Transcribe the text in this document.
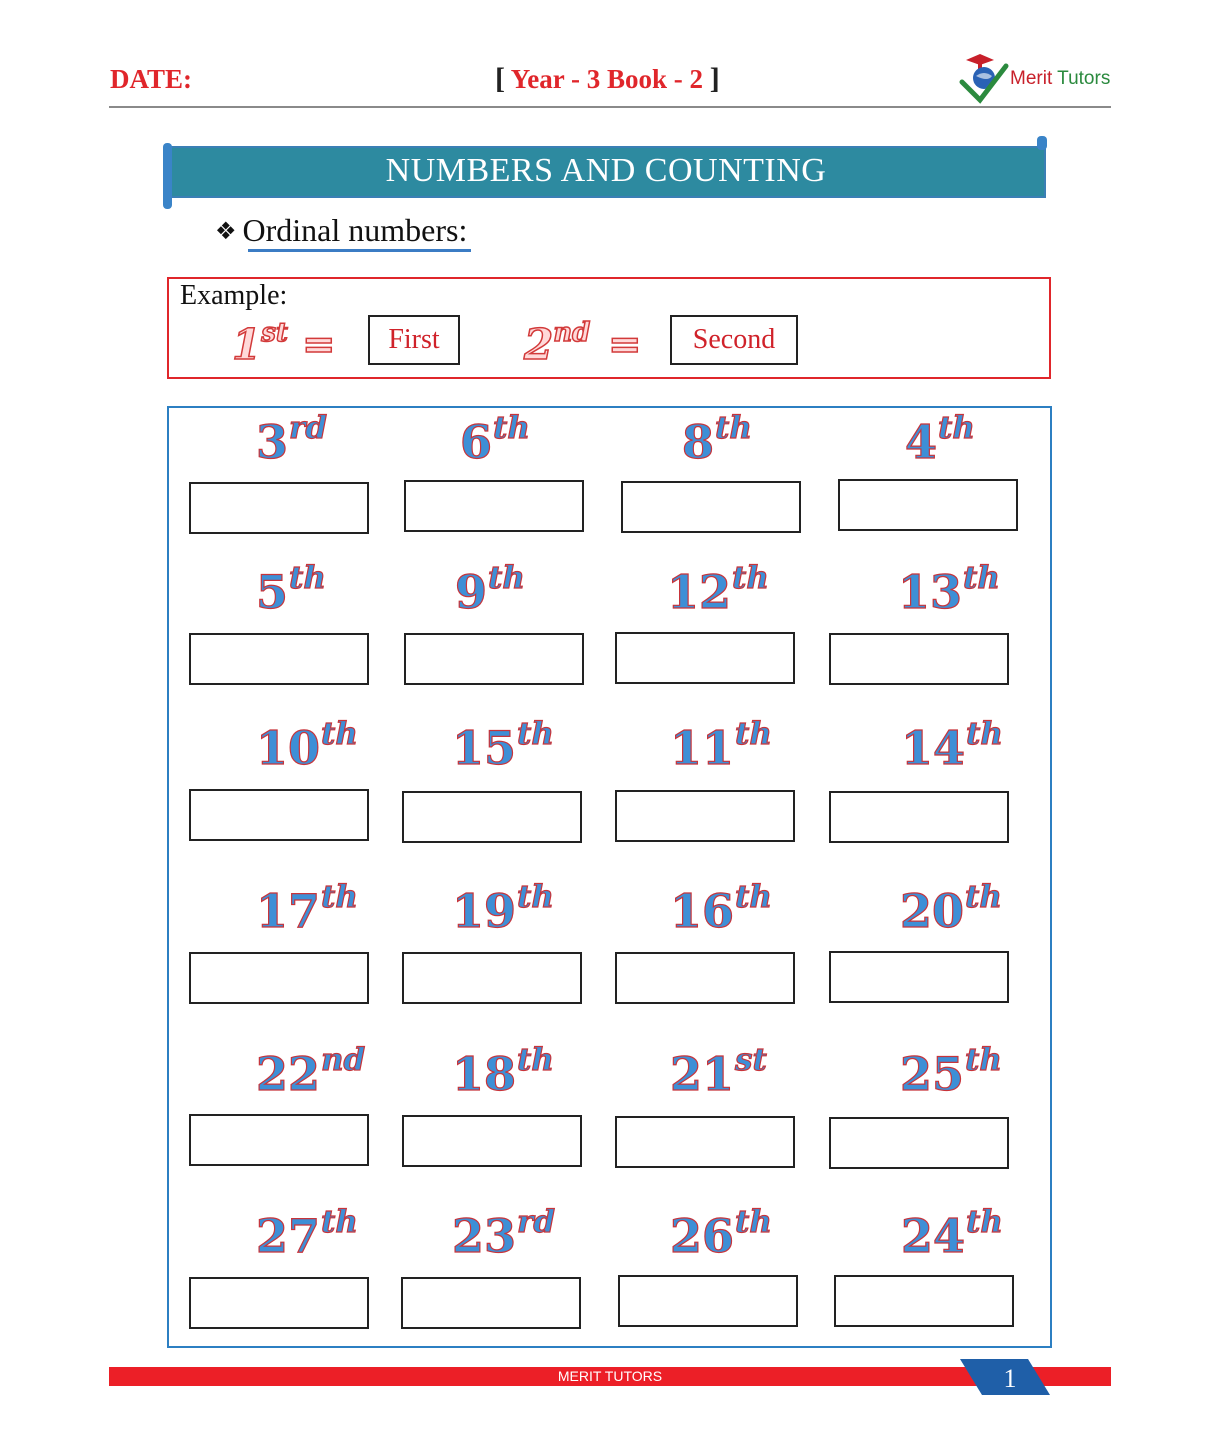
DATE:	[ Year - 3 Book - 2 ]	Merit Tutors
NUMBERS AND COUNTING
❖ Ordinal numbers:
Example:
1st =	First	2nd =	Second
3rd	6th	8th	4th
5th	9th	12th	13th
10th 15th	11th	14th
17th 19th	16th	20th
22nd 18th	21st	25th
27th 23rd 26th	24th
MERIT TUTORS	1
